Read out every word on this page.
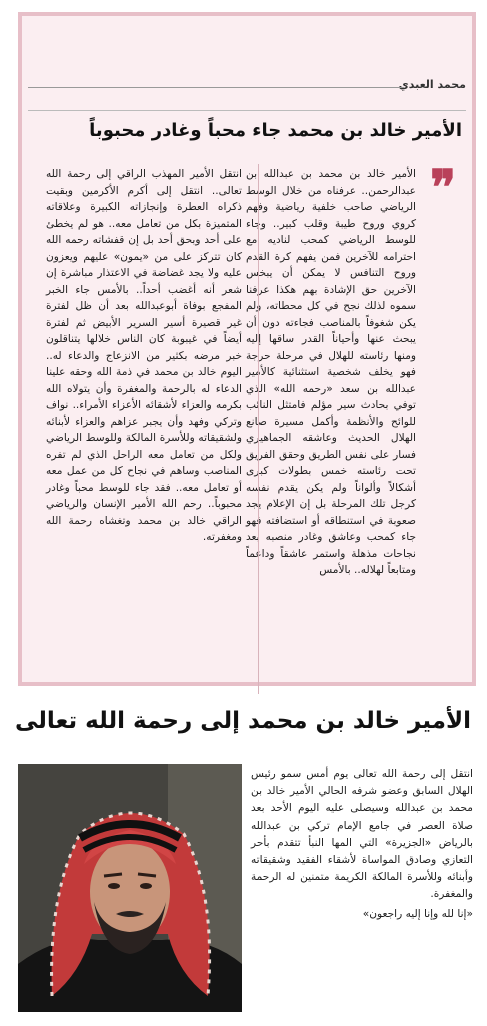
محمد العبدي
الأمير خالد بن محمد جاء محباً وغادر محبوباً
❞

الأمير خالد بن محمد بن عبدالله بن عبدالرحمن.. عرفناه من خلال الوسط الرياضي صاحب خلفية رياضية وفهم كروي وروح طيبة وقلب كبير.. وجاء للوسط الرياضي كمحب لناديه مع احترامه للآخرين فمن يفهم كرة القدم وروح التنافس لا يمكن أن يبخس الآخرين حق الإشادة بهم هكذا عرفنا سموه لذلك نجح في كل محطاته، ولم يكن شغوفاً بالمناصب فجاءته دون أن يبحث عنها وأحياناً القدر ساقها إليه ومنها رئاسته للهلال في مرحلة حرجة فهو يخلف شخصية استثنائية كالأمير عبدالله بن سعد «رحمه الله» الذي توفي بحادث سير مؤلم فامتثل النائب للوائح والأنظمة وأكمل مسيرة صانع الهلال الحديث وعاشقه الجماهيري فسار على نفس الطريق وحقق الفريق تحت رئاسته خمس بطولات كبرى أشكالاً وألواناً ولم يكن يقدم نفسه كرجل تلك المرحلة بل إن الإعلام يجد صعوبة في استنطاقه أو استضافته فهو جاء كمحب وعاشق وغادر منصبه بعد نجاحات مذهلة واستمر عاشقاً وداعماً ومتابعاً لهلاله.. بالأمس

انتقل الأمير المهذب الراقي إلى رحمة الله تعالى.. انتقل إلى أكرم الأكرمين وبقيت ذكراه العطرة وإنجازاته الكبيرة وعلاقاته المتميزة بكل من تعامل معه.. هو لم يخطئ على أحد وبحق أحد بل إن قفشاته رحمه الله كان تتركز على من «يمون» عليهم ويعزون عليه ولا يجد غضاضة في الاعتذار مباشرة إن شعر أنه أغضب أحداً.. بالأمس جاء الخبر المفجع بوفاة أبوعبدالله بعد أن ظل لفترة غير قصيرة أسير السرير الأبيض ثم لفترة أيضاً في غيبوبة كان الناس خلالها يتناقلون خبر مرضه بكثير من الانزعاج والدعاء له.. اليوم خالد بن محمد في ذمة الله وحقه علينا الدعاء له بالرحمة والمغفرة وأن يتولاه الله بكرمه والعزاء لأشقائه الأعزاء الأمراء.. نواف وتركي وفهد وأن يجبر عزاهم والعزاء لأبنائه ولشقيقاته وللأسرة المالكة وللوسط الرياضي ولكل من تعامل معه الراحل الذي لم تفره المناصب وساهم في نجاح كل من عمل معه أو تعامل معه.. فقد جاء للوسط محباً وغادر محبوباً.. رحم الله الأمير الإنسان والرياضي الراقي خالد بن محمد وتغشاه رحمة الله ومغفرته.

الأمير خالد بن محمد إلى رحمة الله تعالى
انتقل إلى رحمة الله تعالى يوم أمس سمو رئيس الهلال السابق وعضو شرفه الحالي الأمير خالد بن محمد بن عبدالله وسيصلى عليه اليوم الأحد بعد صلاة العصر في جامع الإمام تركي بن عبدالله بالرياض «الجزيرة» التي المها النبأ تتقدم بأحر التعازي وصادق المواساة لأشقاء الفقيد وشقيقاته وأبنائه وللأسرة المالكة الكريمة متمنين له الرحمة والمغفرة.
«إنا لله وإنا إليه راجعون»
